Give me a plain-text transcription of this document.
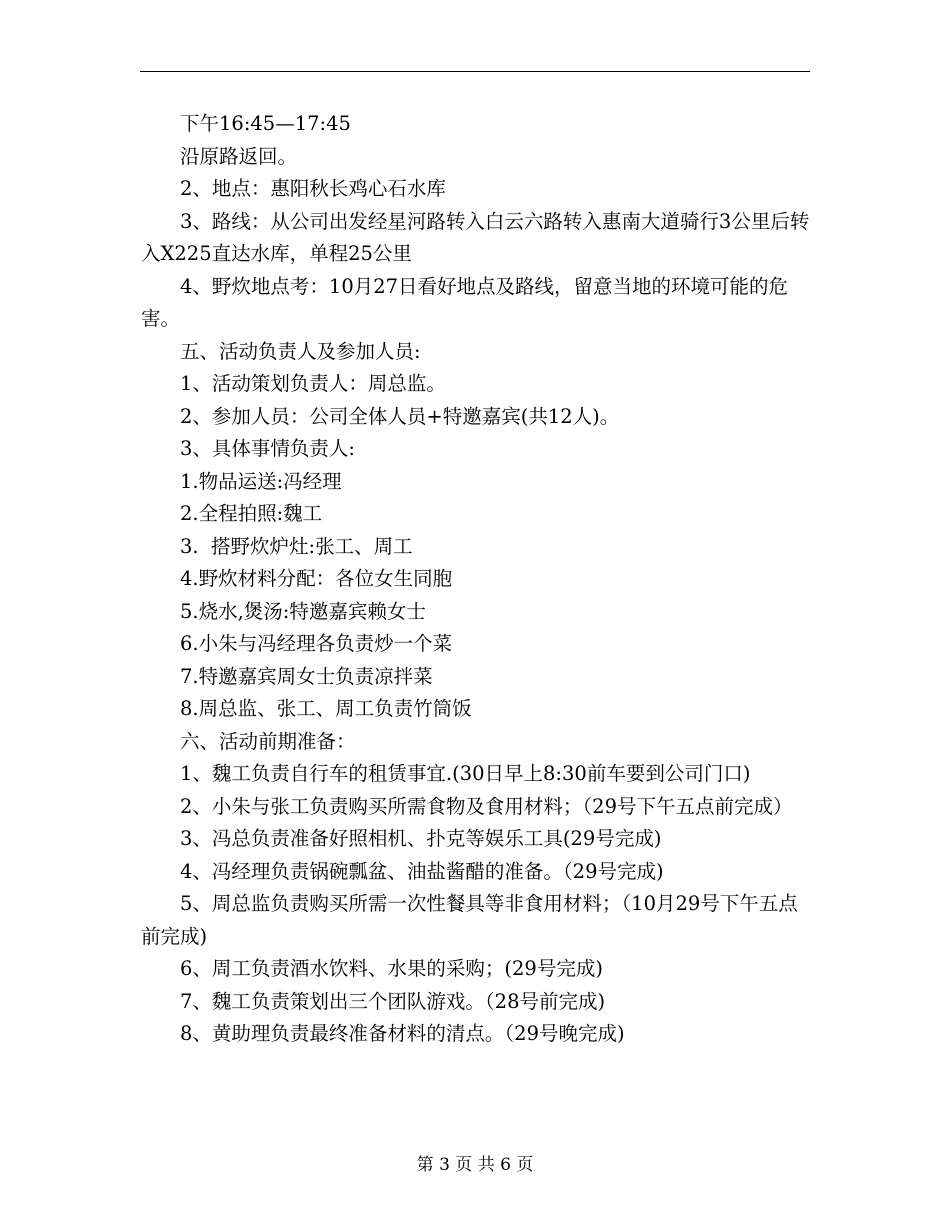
下午16:45—17:45

沿原路返回。

2、地点：惠阳秋长鸡心石水库

3、路线：从公司出发经星河路转入白云六路转入惠南大道骑行3公里后转入X225直达水库，单程25公里

4、野炊地点考：10月27日看好地点及路线，留意当地的环境可能的危害。

五、活动负责人及参加人员:

1、活动策划负责人：周总监。

2、参加人员：公司全体人员+特邀嘉宾(共12人)。

3、具体事情负责人:

1.物品运送:冯经理

2.全程拍照:魏工

3.  搭野炊炉灶:张工、周工

4.野炊材料分配：各位女生同胞

5.烧水,煲汤:特邀嘉宾赖女士

6.小朱与冯经理各负责炒一个菜

7.特邀嘉宾周女士负责凉拌菜

8.周总监、张工、周工负责竹筒饭

六、活动前期准备：

1、魏工负责自行车的租赁事宜.(30日早上8:30前车要到公司门口)

2、小朱与张工负责购买所需食物及食用材料；（29号下午五点前完成）

3、冯总负责准备好照相机、扑克等娱乐工具(29号完成)

4、冯经理负责锅碗瓢盆、油盐酱醋的准备。（29号完成)

5、周总监负责购买所需一次性餐具等非食用材料；（10月29号下午五点前完成)

6、周工负责酒水饮料、水果的采购；(29号完成)

7、魏工负责策划出三个团队游戏。（28号前完成)

8、黄助理负责最终准备材料的清点。（29号晚完成)

第 3 页 共 6 页
